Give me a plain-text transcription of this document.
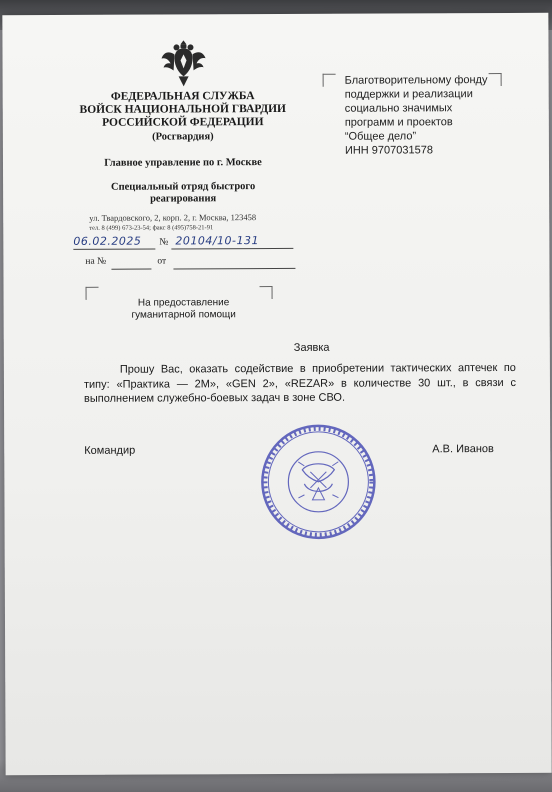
ФЕДЕРАЛЬНАЯ СЛУЖБА
ВОЙСК НАЦИОНАЛЬНОЙ ГВАРДИИ
РОССИЙСКОЙ ФЕДЕРАЦИИ
(Росгвардия)
Главное управление по г. Москве
Специальный отряд быстрого
реагирования
ул. Твардовского, 2, корп. 2, г. Москва, 123458
тел. 8 (499) 673-23-54; факс 8 (495)758-21-91
06.02.2025 № 20104/10-131
на №	от
Благотворительному фонду
поддержки и реализации
социально значимых
программ и проектов
“Общее дело”
ИНН 9707031578
На предоставление
гуманитарной помощи
Заявка

Прошу Вас, оказать содействие в приобретении тактических аптечек по типу: «Практика — 2М», «GEN 2», «REZAR» в количестве 30 шт., в связи с выполнением служебно-боевых задач в зоне СВО.

Командир	А.В. Иванов
